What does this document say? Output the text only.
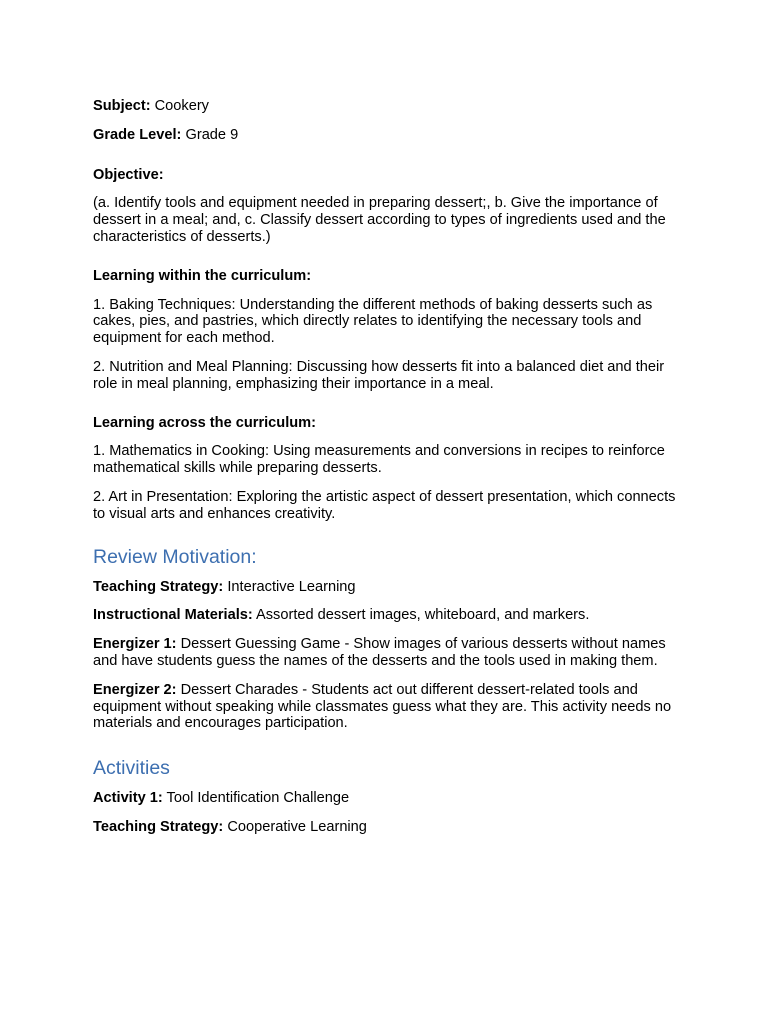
Subject: Cookery

Grade Level: Grade 9

Objective:

(a. Identify tools and equipment needed in preparing dessert;, b. Give the importance of dessert in a meal; and, c. Classify dessert according to types of ingredients used and the characteristics of desserts.)

Learning within the curriculum:

1. Baking Techniques: Understanding the different methods of baking desserts such as cakes, pies, and pastries, which directly relates to identifying the necessary tools and equipment for each method.

2. Nutrition and Meal Planning: Discussing how desserts fit into a balanced diet and their role in meal planning, emphasizing their importance in a meal.

Learning across the curriculum:

1. Mathematics in Cooking: Using measurements and conversions in recipes to reinforce mathematical skills while preparing desserts.

2. Art in Presentation: Exploring the artistic aspect of dessert presentation, which connects to visual arts and enhances creativity.

Review Motivation:

Teaching Strategy: Interactive Learning

Instructional Materials: Assorted dessert images, whiteboard, and markers.

Energizer 1: Dessert Guessing Game - Show images of various desserts without names and have students guess the names of the desserts and the tools used in making them.

Energizer 2: Dessert Charades - Students act out different dessert-related tools and equipment without speaking while classmates guess what they are. This activity needs no materials and encourages participation.

Activities

Activity 1: Tool Identification Challenge

Teaching Strategy: Cooperative Learning
